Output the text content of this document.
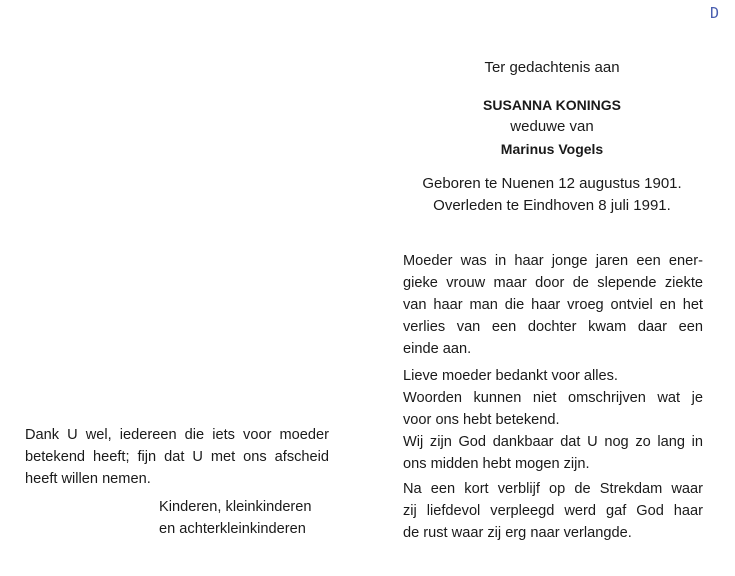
D
Ter gedachtenis aan
SUSANNA KONINGS
weduwe van
Marinus Vogels
Geboren te Nuenen 12 augustus 1901.
Overleden te Eindhoven 8 juli 1991.
Moeder was in haar jonge jaren een ener-
gieke vrouw maar door de slepende ziekte
van haar man die haar vroeg ontviel en het
verlies van een dochter kwam daar een
einde aan.
Lieve moeder bedankt voor alles.
Woorden kunnen niet omschrijven wat je
voor ons hebt betekend.
Wij zijn God dankbaar dat U nog zo lang in
ons midden hebt mogen zijn.
Na een kort verblijf op de Strekdam waar
zij liefdevol verpleegd werd gaf God haar
de rust waar zij erg naar verlangde.
Dank U wel, iedereen die iets voor moeder
betekend heeft; fijn dat U met ons afscheid
heeft willen nemen.
Kinderen, kleinkinderen
en achterkleinkinderen
